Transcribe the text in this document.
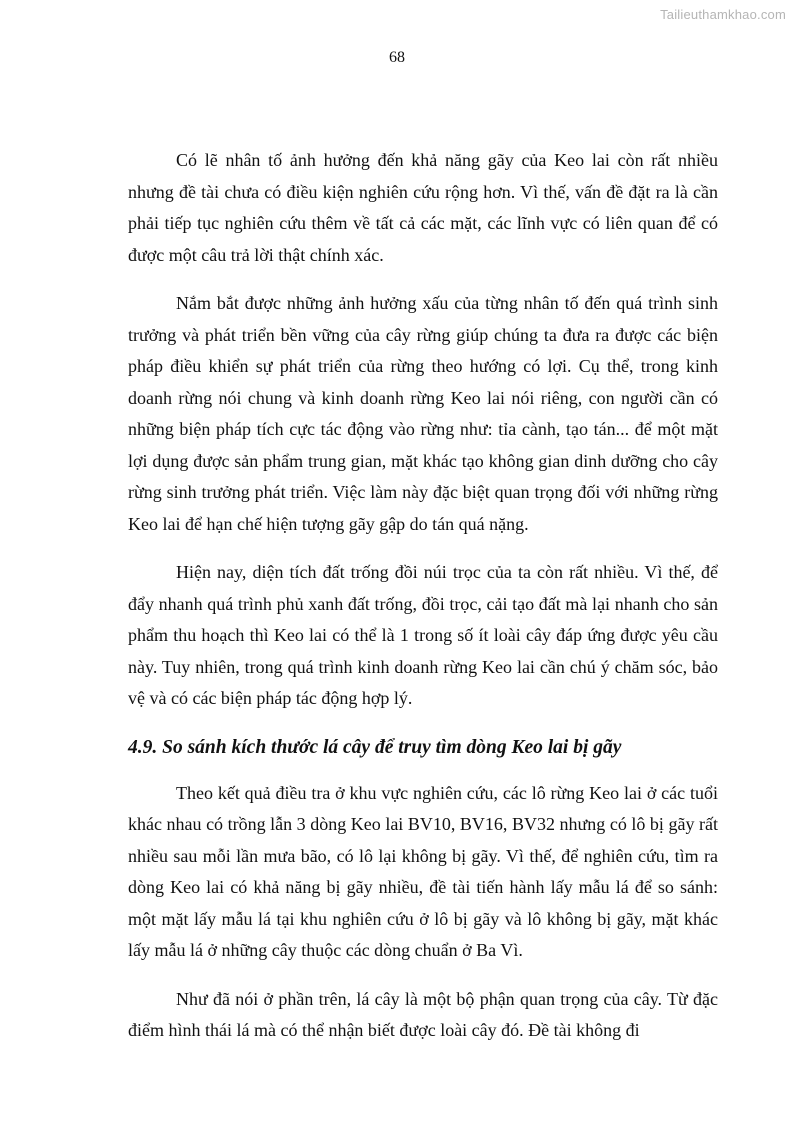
Tailieuthamkhao.com
68

Có lẽ nhân tố ảnh hưởng đến khả năng gãy của Keo lai còn rất nhiều nhưng đề tài chưa có điều kiện nghiên cứu rộng hơn. Vì thế, vấn đề đặt ra là cần phải tiếp tục nghiên cứu thêm về tất cả các mặt, các lĩnh vực có liên quan để có được một câu trả lời thật chính xác.

Nắm bắt được những ảnh hưởng xấu của từng nhân tố đến quá trình sinh trưởng và phát triển bền vững của cây rừng giúp chúng ta đưa ra được các biện pháp điều khiển sự phát triển của rừng theo hướng có lợi. Cụ thể, trong kinh doanh rừng nói chung và kinh doanh rừng Keo lai nói riêng, con người cần có những biện pháp tích cực tác động vào rừng như: tỉa cành, tạo tán... để một mặt lợi dụng được sản phẩm trung gian, mặt khác tạo không gian dinh dưỡng cho cây rừng sinh trưởng phát triển. Việc làm này đặc biệt quan trọng đối với những rừng Keo lai để hạn chế hiện tượng gãy gập do tán quá nặng.

Hiện nay, diện tích đất trống đồi núi trọc của ta còn rất nhiều. Vì thế, để đẩy nhanh quá trình phủ xanh đất trống, đồi trọc, cải tạo đất mà lại nhanh cho sản phẩm thu hoạch thì Keo lai có thể là 1 trong số ít loài cây đáp ứng được yêu cầu này. Tuy nhiên, trong quá trình kinh doanh rừng Keo lai cần chú ý chăm sóc, bảo vệ và có các biện pháp tác động hợp lý.

4.9. So sánh kích thước lá cây để truy tìm dòng Keo lai bị gãy

Theo kết quả điều tra ở khu vực nghiên cứu, các lô rừng Keo lai ở các tuổi khác nhau có trồng lẫn 3 dòng Keo lai BV10, BV16, BV32 nhưng có lô bị gãy rất nhiều sau mỗi lần mưa bão, có lô lại không bị gãy. Vì thế, để nghiên cứu, tìm ra dòng Keo lai có khả năng bị gãy nhiều, đề tài tiến hành lấy mẫu lá để so sánh: một mặt lấy mẫu lá tại khu nghiên cứu ở lô bị gãy và lô không bị gãy, mặt khác lấy mẫu lá ở những cây thuộc các dòng chuẩn ở Ba Vì.

Như đã nói ở phần trên, lá cây là một bộ phận quan trọng của cây. Từ đặc điểm hình thái lá mà có thể nhận biết được loài cây đó. Đề tài không đi
